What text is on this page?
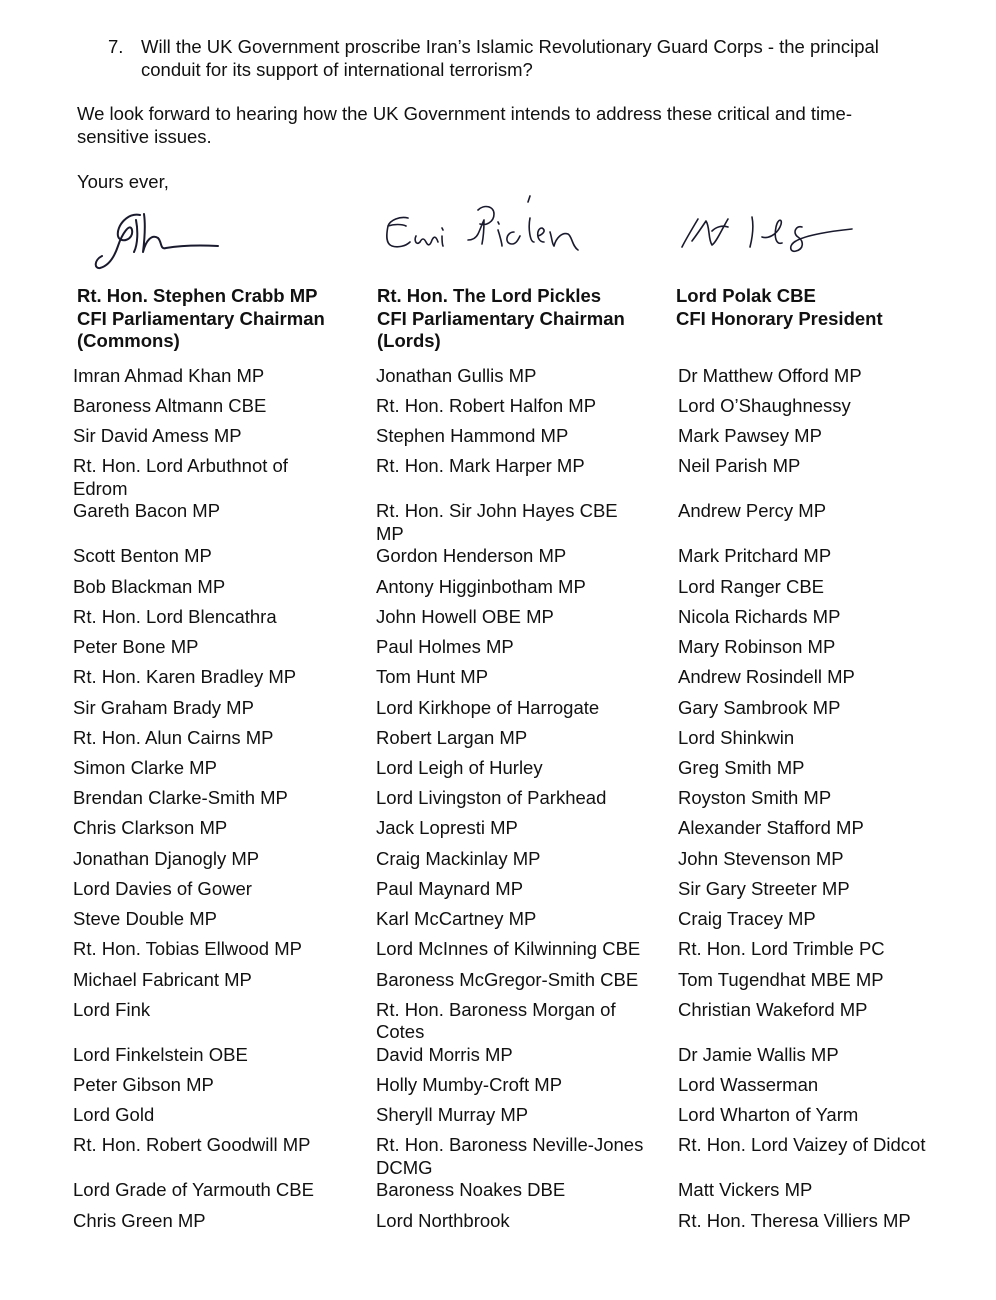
7. Will the UK Government proscribe Iran’s Islamic Revolutionary Guard Corps - the principal
conduit for its support of international terrorism?
We look forward to hearing how the UK Government intends to address these critical and time-
sensitive issues.
Yours ever,
Rt. Hon. Stephen Crabb MP
CFI Parliamentary Chairman
(Commons)
Rt. Hon. The Lord Pickles
CFI Parliamentary Chairman
(Lords)
Lord Polak CBE
CFI Honorary President
Imran Ahmad Khan MP
Baroness Altmann CBE
Sir David Amess MP
Rt. Hon. Lord Arbuthnot of
Edrom
Gareth Bacon MP
Scott Benton MP
Bob Blackman MP
Rt. Hon. Lord Blencathra
Peter Bone MP
Rt. Hon. Karen Bradley MP
Sir Graham Brady MP
Rt. Hon. Alun Cairns MP
Simon Clarke MP
Brendan Clarke-Smith MP
Chris Clarkson MP
Jonathan Djanogly MP
Lord Davies of Gower
Steve Double MP
Rt. Hon. Tobias Ellwood MP
Michael Fabricant MP
Lord Fink
Lord Finkelstein OBE
Peter Gibson MP
Lord Gold
Rt. Hon. Robert Goodwill MP
Lord Grade of Yarmouth CBE
Chris Green MP
Jonathan Gullis MP
Rt. Hon. Robert Halfon MP
Stephen Hammond MP
Rt. Hon. Mark Harper MP
Rt. Hon. Sir John Hayes CBE
MP
Gordon Henderson MP
Antony Higginbotham MP
John Howell OBE MP
Paul Holmes MP
Tom Hunt MP
Lord Kirkhope of Harrogate
Robert Largan MP
Lord Leigh of Hurley
Lord Livingston of Parkhead
Jack Lopresti MP
Craig Mackinlay MP
Paul Maynard MP
Karl McCartney MP
Lord McInnes of Kilwinning CBE
Baroness McGregor-Smith CBE
Rt. Hon. Baroness Morgan of
Cotes
David Morris MP
Holly Mumby-Croft MP
Sheryll Murray MP
Rt. Hon. Baroness Neville-Jones
DCMG
Baroness Noakes DBE
Lord Northbrook
Dr Matthew Offord MP
Lord O’Shaughnessy
Mark Pawsey MP
Neil Parish MP
Andrew Percy MP
Mark Pritchard MP
Lord Ranger CBE
Nicola Richards MP
Mary Robinson MP
Andrew Rosindell MP
Gary Sambrook MP
Lord Shinkwin
Greg Smith MP
Royston Smith MP
Alexander Stafford MP
John Stevenson MP
Sir Gary Streeter MP
Craig Tracey MP
Rt. Hon. Lord Trimble PC
Tom Tugendhat MBE MP
Christian Wakeford MP
Dr Jamie Wallis MP
Lord Wasserman
Lord Wharton of Yarm
Rt. Hon. Lord Vaizey of Didcot
Matt Vickers MP
Rt. Hon. Theresa Villiers MP
